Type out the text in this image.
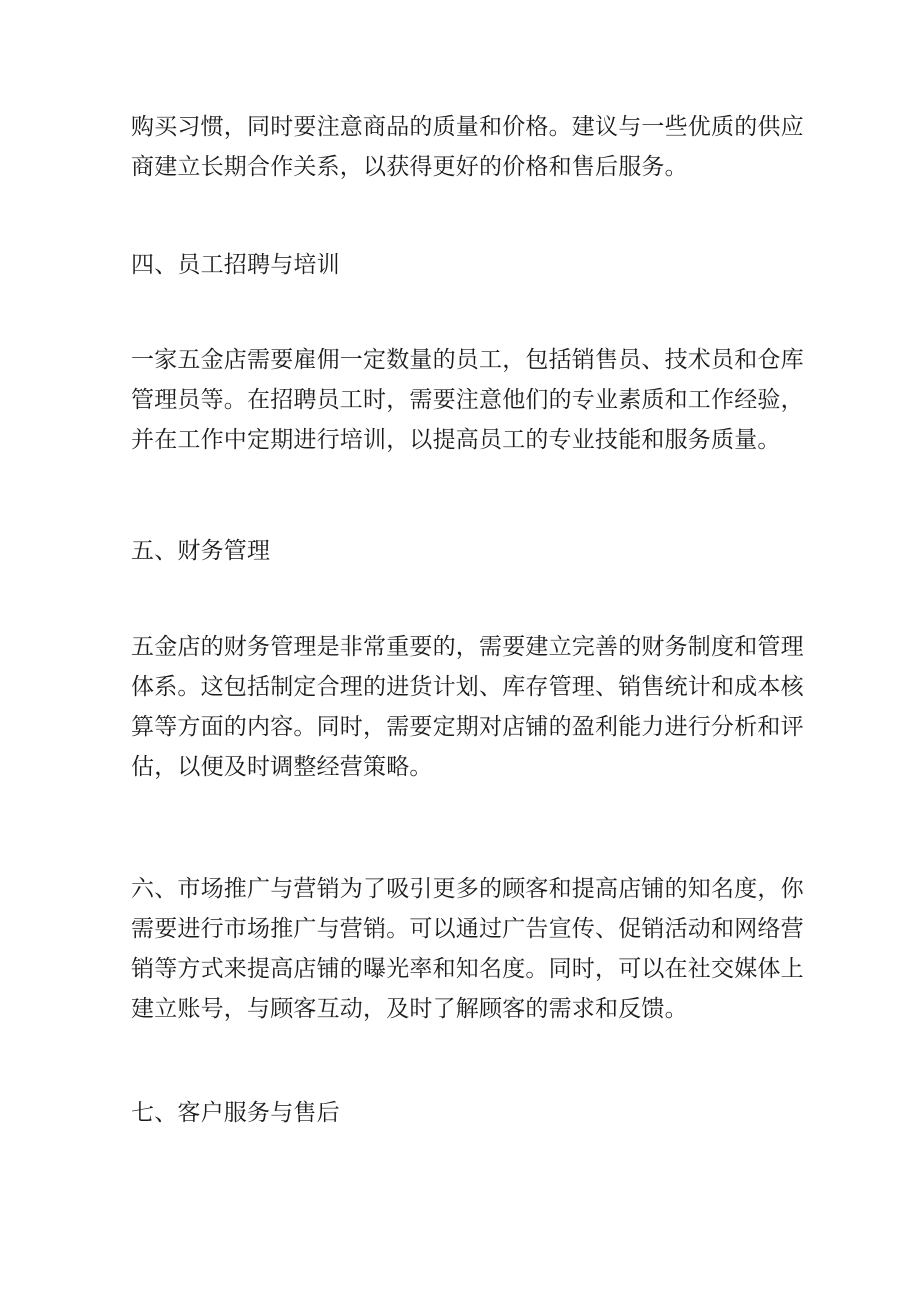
购买习惯，同时要注意商品的质量和价格。建议与一些优质的供应
商建立长期合作关系，以获得更好的价格和售后服务。
四、员工招聘与培训
一家五金店需要雇佣一定数量的员工，包括销售员、技术员和仓库
管理员等。在招聘员工时，需要注意他们的专业素质和工作经验，
并在工作中定期进行培训，以提高员工的专业技能和服务质量。
五、财务管理
五金店的财务管理是非常重要的，需要建立完善的财务制度和管理
体系。这包括制定合理的进货计划、库存管理、销售统计和成本核
算等方面的内容。同时，需要定期对店铺的盈利能力进行分析和评
估，以便及时调整经营策略。
六、市场推广与营销为了吸引更多的顾客和提高店铺的知名度，你
需要进行市场推广与营销。可以通过广告宣传、促销活动和网络营
销等方式来提高店铺的曝光率和知名度。同时，可以在社交媒体上
建立账号，与顾客互动，及时了解顾客的需求和反馈。
七、客户服务与售后
